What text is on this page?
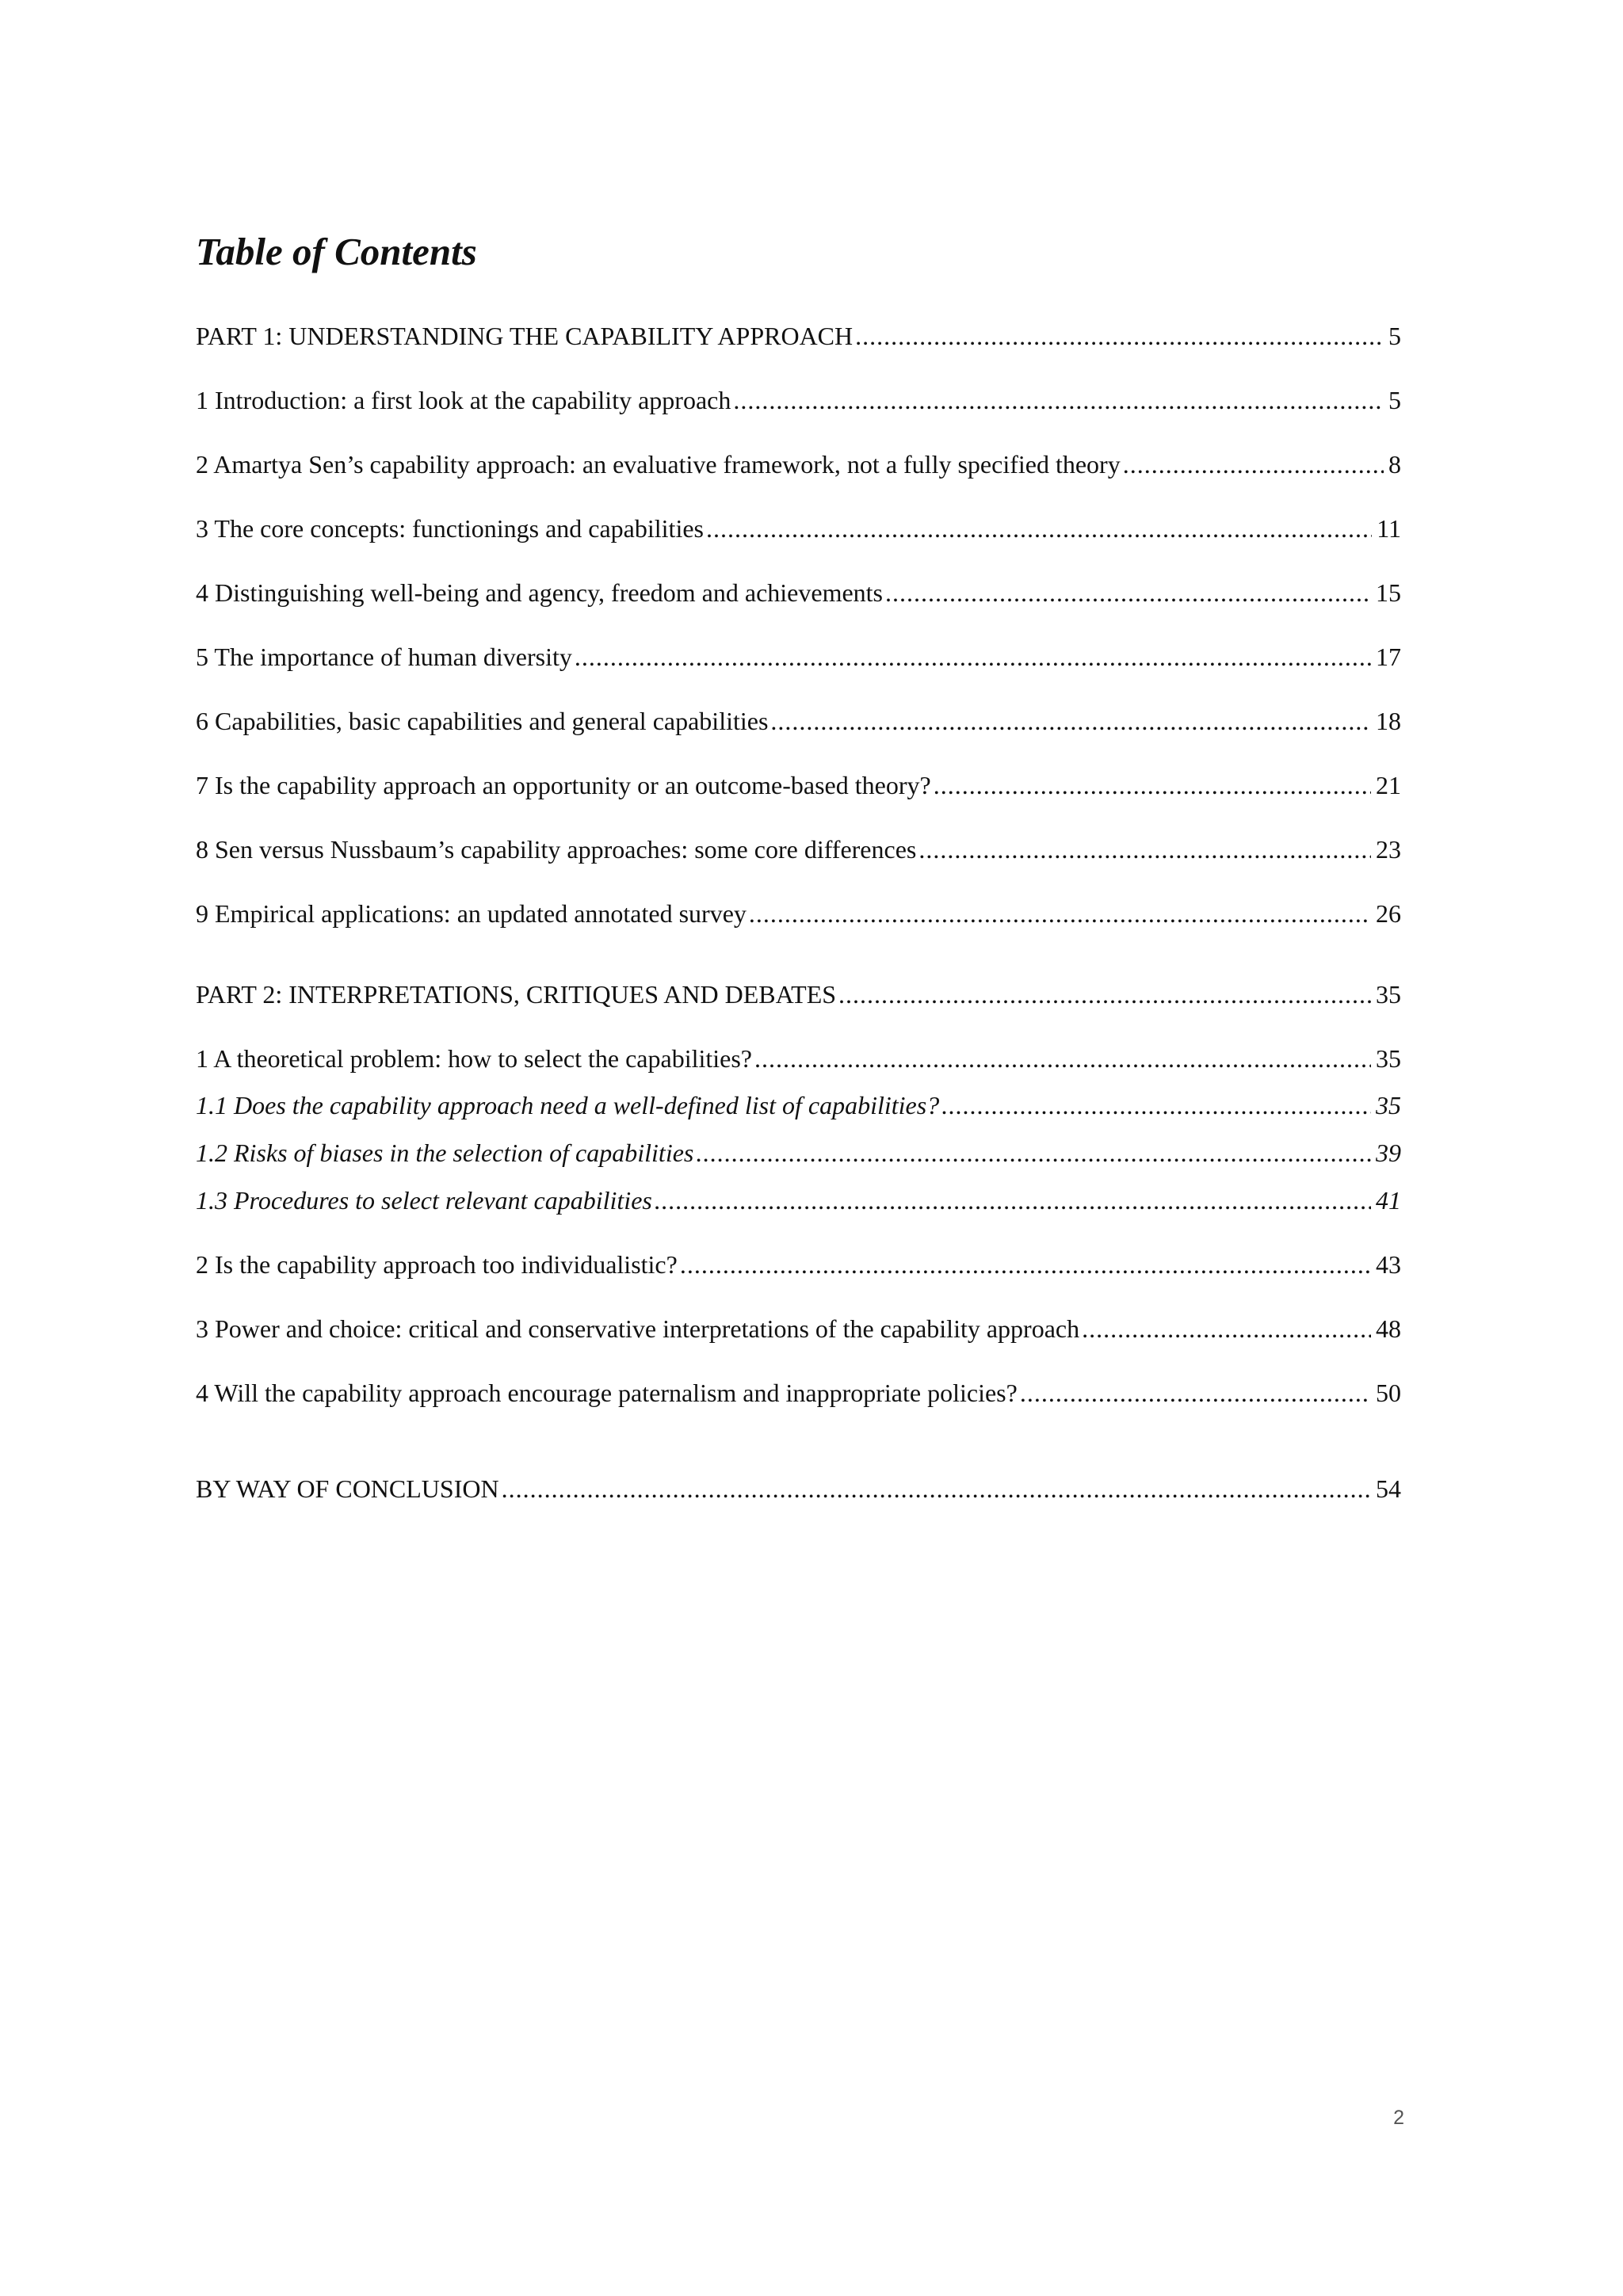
Table of Contents
PART 1: UNDERSTANDING THE CAPABILITY APPROACH .....	5
1 Introduction: a first look at the capability approach .....	5
2 Amartya Sen’s capability approach: an evaluative framework, not a fully specified theory .....	8
3 The core concepts: functionings and capabilities .....	11
4 Distinguishing well-being and agency, freedom and achievements .....	15
5 The importance of human diversity .....	17
6 Capabilities, basic capabilities and general capabilities .....	18
7 Is the capability approach an opportunity or an outcome-based theory? .....	21
8 Sen versus Nussbaum’s capability approaches: some core differences .....	23
9 Empirical applications: an updated annotated survey .....	26
PART 2: INTERPRETATIONS, CRITIQUES AND DEBATES .....	35
1 A theoretical problem: how to select the capabilities? .....	35
1.1 Does the capability approach need a well-defined list of capabilities? .....	35
1.2 Risks of biases in the selection of capabilities .....	39
1.3 Procedures to select relevant capabilities .....	41
2 Is the capability approach too individualistic? .....	43
3 Power and choice: critical and conservative interpretations of the capability approach .....	48
4 Will the capability approach encourage paternalism and inappropriate policies? .....	50
BY WAY OF CONCLUSION .....	54
2
